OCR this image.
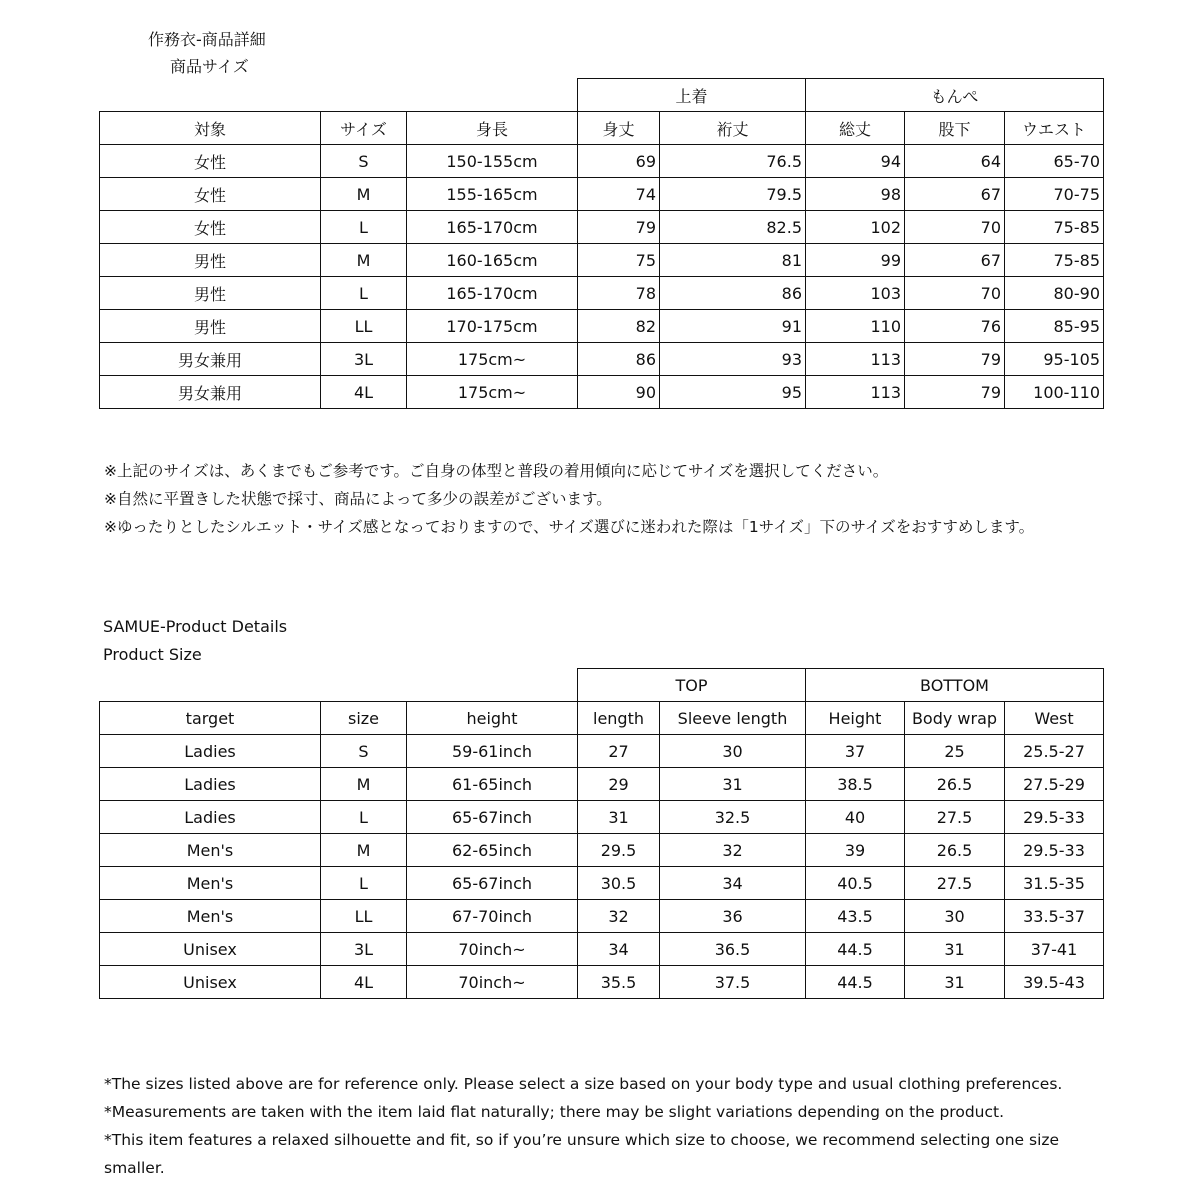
作務衣-商品詳細
商品サイズ
			上着		もんぺ		
対象	サイズ	身長	身丈	裄丈	総丈	股下	ウエスト
女性	S	150-155cm	69	76.5	94	64	65-70
女性	M	155-165cm	74	79.5	98	67	70-75
女性	L	165-170cm	79	82.5	102	70	75-85
男性	M	160-165cm	75	81	99	67	75-85
男性	L	165-170cm	78	86	103	70	80-90
男性	LL	170-175cm	82	91	110	76	85-95
男女兼用	3L	175cm~	86	93	113	79	95-105
男女兼用	4L	175cm~	90	95	113	79	100-110

※上記のサイズは、あくまでもご参考です。ご自身の体型と普段の着用傾向に応じてサイズを選択してください。

※自然に平置きした状態で採寸、商品によって多少の誤差がございます。

※ゆったりとしたシルエット・サイズ感となっておりますので、サイズ選びに迷われた際は「1サイズ」下のサイズをおすすめします。

SAMUE-Product Details
Product Size
			TOP		BOTTOM		
target	size	height	length	Sleeve length	Height	Body wrap	West
Ladies	S	59-61inch	27	30	37	25	25.5-27
Ladies	M	61-65inch	29	31	38.5	26.5	27.5-29
Ladies	L	65-67inch	31	32.5	40	27.5	29.5-33
Men's	M	62-65inch	29.5	32	39	26.5	29.5-33
Men's	L	65-67inch	30.5	34	40.5	27.5	31.5-35
Men's	LL	67-70inch	32	36	43.5	30	33.5-37
Unisex	3L	70inch~	34	36.5	44.5	31	37-41
Unisex	4L	70inch~	35.5	37.5	44.5	31	39.5-43

*The sizes listed above are for reference only. Please select a size based on your body type and usual clothing preferences.

*Measurements are taken with the item laid flat naturally; there may be slight variations depending on the product.

*This item features a relaxed silhouette and fit, so if you’re unsure which size to choose, we recommend selecting one size smaller.
